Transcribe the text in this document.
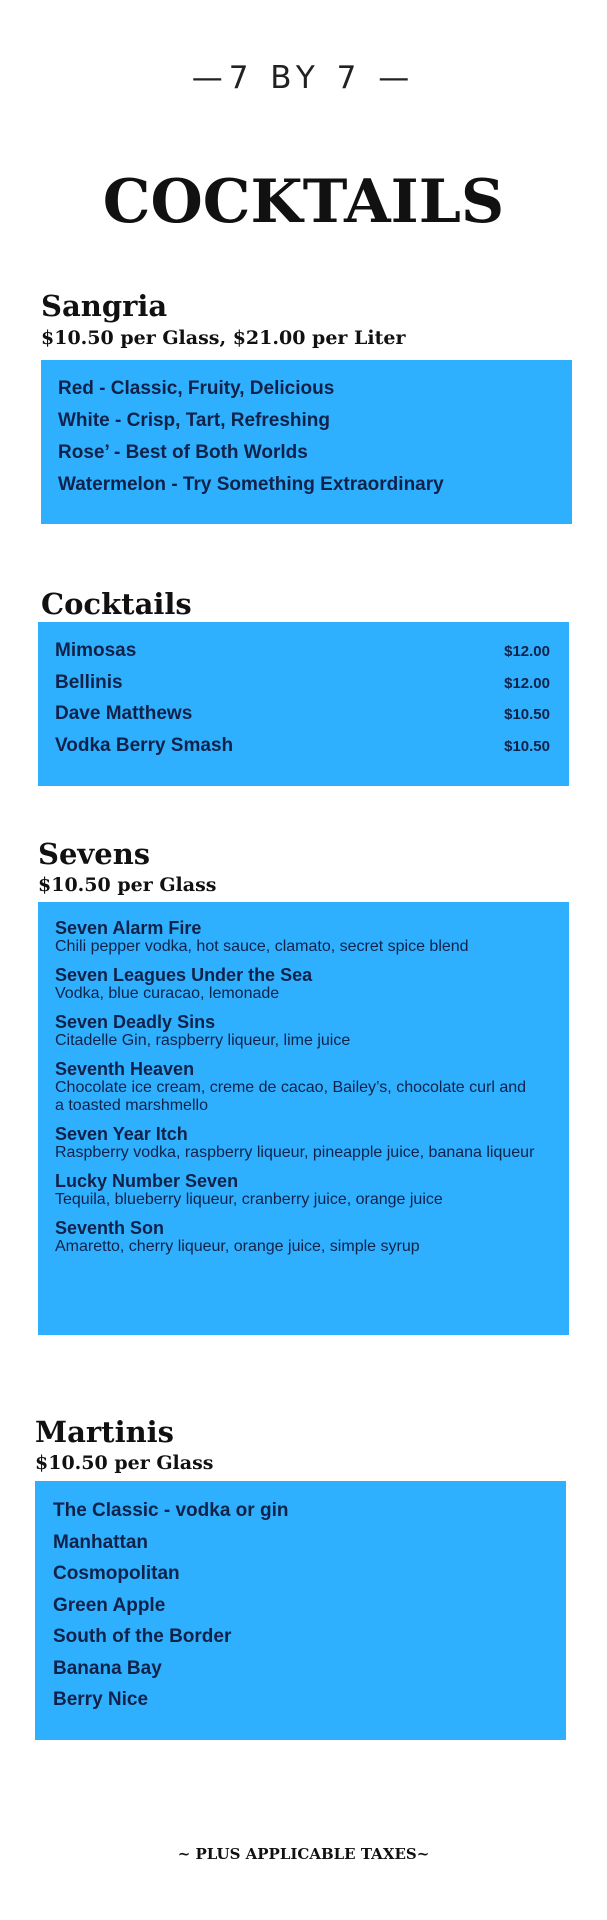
—7 BY 7 —
COCKTAILS
Sangria
$10.50 per Glass, $21.00 per Liter
Red - Classic, Fruity, Delicious
White - Crisp, Tart, Refreshing
Rose’ - Best of Both Worlds
Watermelon - Try Something Extraordinary
Cocktails
Mimosas	$12.00
Bellinis	$12.00
Dave Matthews	$10.50
Vodka Berry Smash	$10.50
Sevens
$10.50 per Glass
Seven Alarm Fire
Chili pepper vodka, hot sauce, clamato, secret spice blend
Seven Leagues Under the Sea
Vodka, blue curacao, lemonade
Seven Deadly Sins
Citadelle Gin, raspberry liqueur, lime juice
Seventh Heaven
Chocolate ice cream, creme de cacao, Bailey’s, chocolate curl and a toasted marshmello
Seven Year Itch
Raspberry vodka, raspberry liqueur, pineapple juice, banana liqueur
Lucky Number Seven
Tequila, blueberry liqueur, cranberry juice, orange juice
Seventh Son
Amaretto, cherry liqueur, orange juice, simple syrup
Martinis
$10.50 per Glass
The Classic - vodka or gin
Manhattan
Cosmopolitan
Green Apple
South of the Border
Banana Bay
Berry Nice
~ PLUS APPLICABLE TAXES~
